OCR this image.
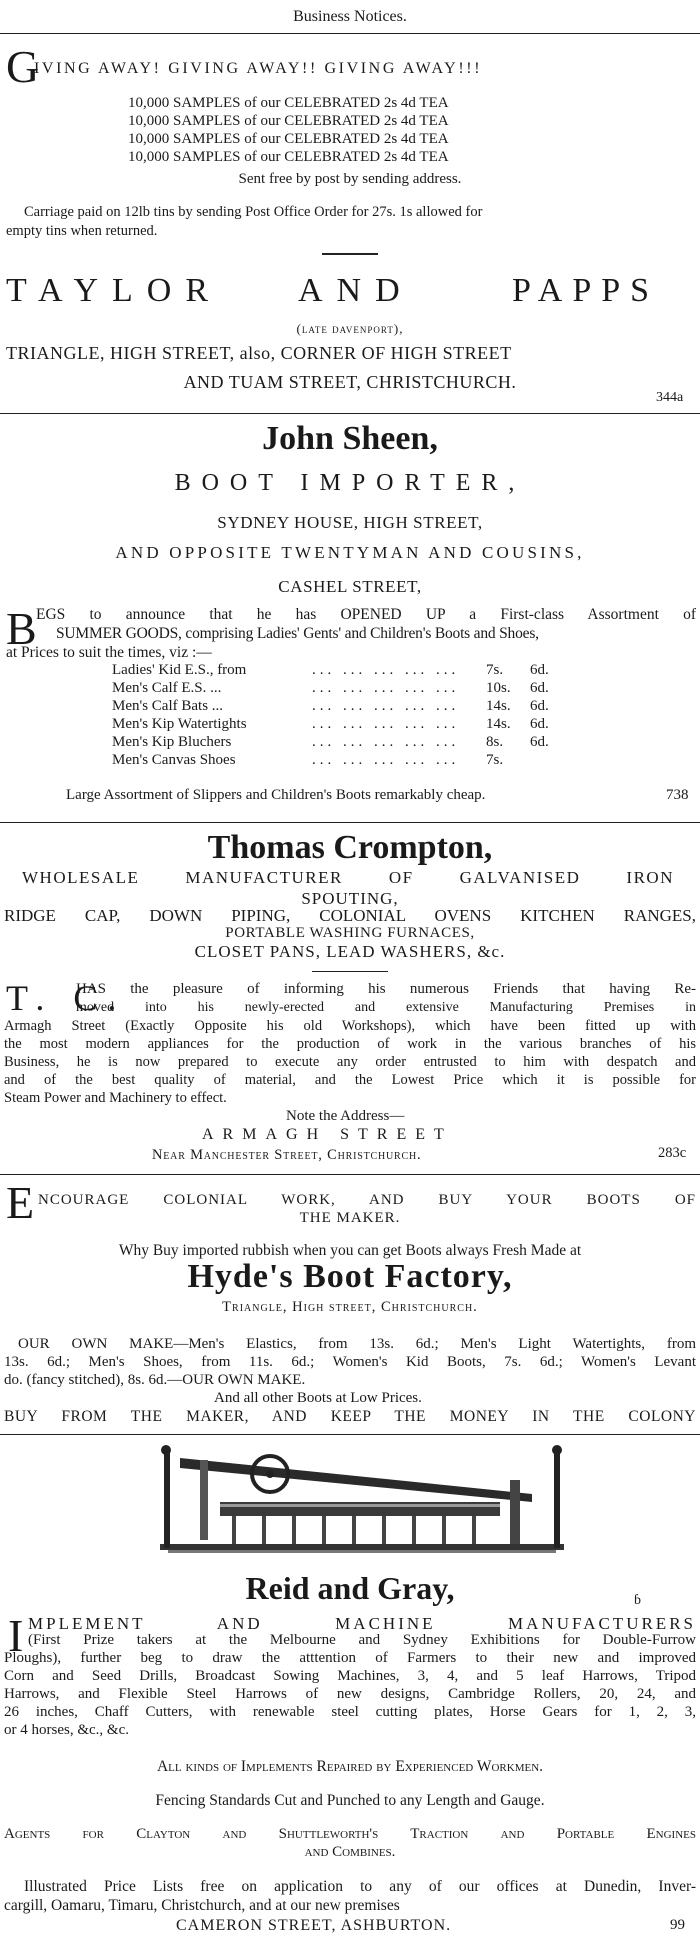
Business Notices.
G
IVING AWAY! GIVING AWAY!! GIVING AWAY!!!
10,000 SAMPLES of our CELEBRATED 2s 4d TEA
10,000 SAMPLES of our CELEBRATED 2s 4d TEA
10,000 SAMPLES of our CELEBRATED 2s 4d TEA
10,000 SAMPLES of our CELEBRATED 2s 4d TEA
Sent free by post by sending address.
Carriage paid on 12lb tins by sending Post Office Order for 27s. 1s allowed for
empty tins when returned.
TAYLOR AND	PAPPS
(late davenport),
TRIANGLE, HIGH STREET, also, CORNER OF HIGH STREET
AND TUAM STREET, CHRISTCHURCH.
344a
John Sheen,
BOOT IMPORTER,
SYDNEY HOUSE, HIGH STREET,
AND OPPOSITE TWENTYMAN AND COUSINS,
CASHEL STREET,
B EGS to announce that he has OPENED UP a First-class Assortment of
SUMMER GOODS, comprising Ladies' Gents' and Children's Boots and Shoes,
at Prices to suit the times, viz :—
Ladies' Kid E.S., from	... ... ... ... ... 7s. 6d.
Men's Calf E.S. ...	... ... ... ... ... 10s. 6d.
Men's Calf Bats ...	... ... ... ... ... 14s. 6d.
Men's Kip Watertights	... ... ... ... ... 14s. 6d.
Men's Kip Bluchers	... ... ... ... ... 8s. 6d.
Men's Canvas Shoes	... ... ... ... ... 7s.
Large Assortment of Slippers and Children's Boots remarkably cheap.	738
Thomas Crompton,
WHOLESALE MANUFACTURER OF GALVANISED IRON
SPOUTING,
RIDGE CAP, DOWN PIPING, COLONIAL OVENS KITCHEN RANGES,
PORTABLE WASHING FURNACES,
CLOSET PANS, LEAD WASHERS, &c.
T. C.
HAS the pleasure of informing his numerous Friends that having Re-
moved into his newly-erected and extensive Manufacturing Premises in
Armagh Street (Exactly Opposite his old Workshops), which have been fitted up with
the most modern appliances for the production of work in the various branches of his
Business, he is now prepared to execute any order entrusted to him with despatch and
and of the best quality of material, and the Lowest Price which it is possible for
Steam Power and Machinery to effect.
Note the Address—
ARMAGH STREET
Near Manchester Street, Christchurch.	283c
E NCOURAGE COLONIAL WORK, AND BUY YOUR BOOTS OF
THE MAKER.
Why Buy imported rubbish when you can get Boots always Fresh Made at
Hyde's Boot Factory,
Triangle, High street, Christchurch.
OUR OWN MAKE—Men's Elastics, from 13s. 6d.; Men's Light Watertights, from
13s. 6d.; Men's Shoes, from 11s. 6d.; Women's Kid Boots, 7s. 6d.; Women's Levant
do. (fancy stitched), 8s. 6d.—OUR OWN MAKE.
And all other Boots at Low Prices.
BUY FROM THE MAKER, AND KEEP THE MONEY IN THE COLONY
Reid and Gray,	ɓ
I MPLEMENT AND MACHINE MANUFACTURERS
(First Prize takers at the Melbourne and Sydney Exhibitions for Double-Furrow
Ploughs), further beg to draw the atttention of Farmers to their new and improved
Corn and Seed Drills, Broadcast Sowing Machines, 3, 4, and 5 leaf Harrows, Tripod
Harrows, and Flexible Steel Harrows of new designs, Cambridge Rollers, 20, 24, and
26 inches, Chaff Cutters, with renewable steel cutting plates, Horse Gears for 1, 2, 3,
or 4 horses, &c., &c.
All kinds of Implements Repaired by Experienced Workmen.
Fencing Standards Cut and Punched to any Length and Gauge.
Agents for Clayton and Shuttleworth's Traction and Portable Engines
and Combines.
Illustrated Price Lists free on application to any of our offices at Dunedin, Inver-
cargill, Oamaru, Timaru, Christchurch, and at our new premises
CAMERON STREET, ASHBURTON.	99
